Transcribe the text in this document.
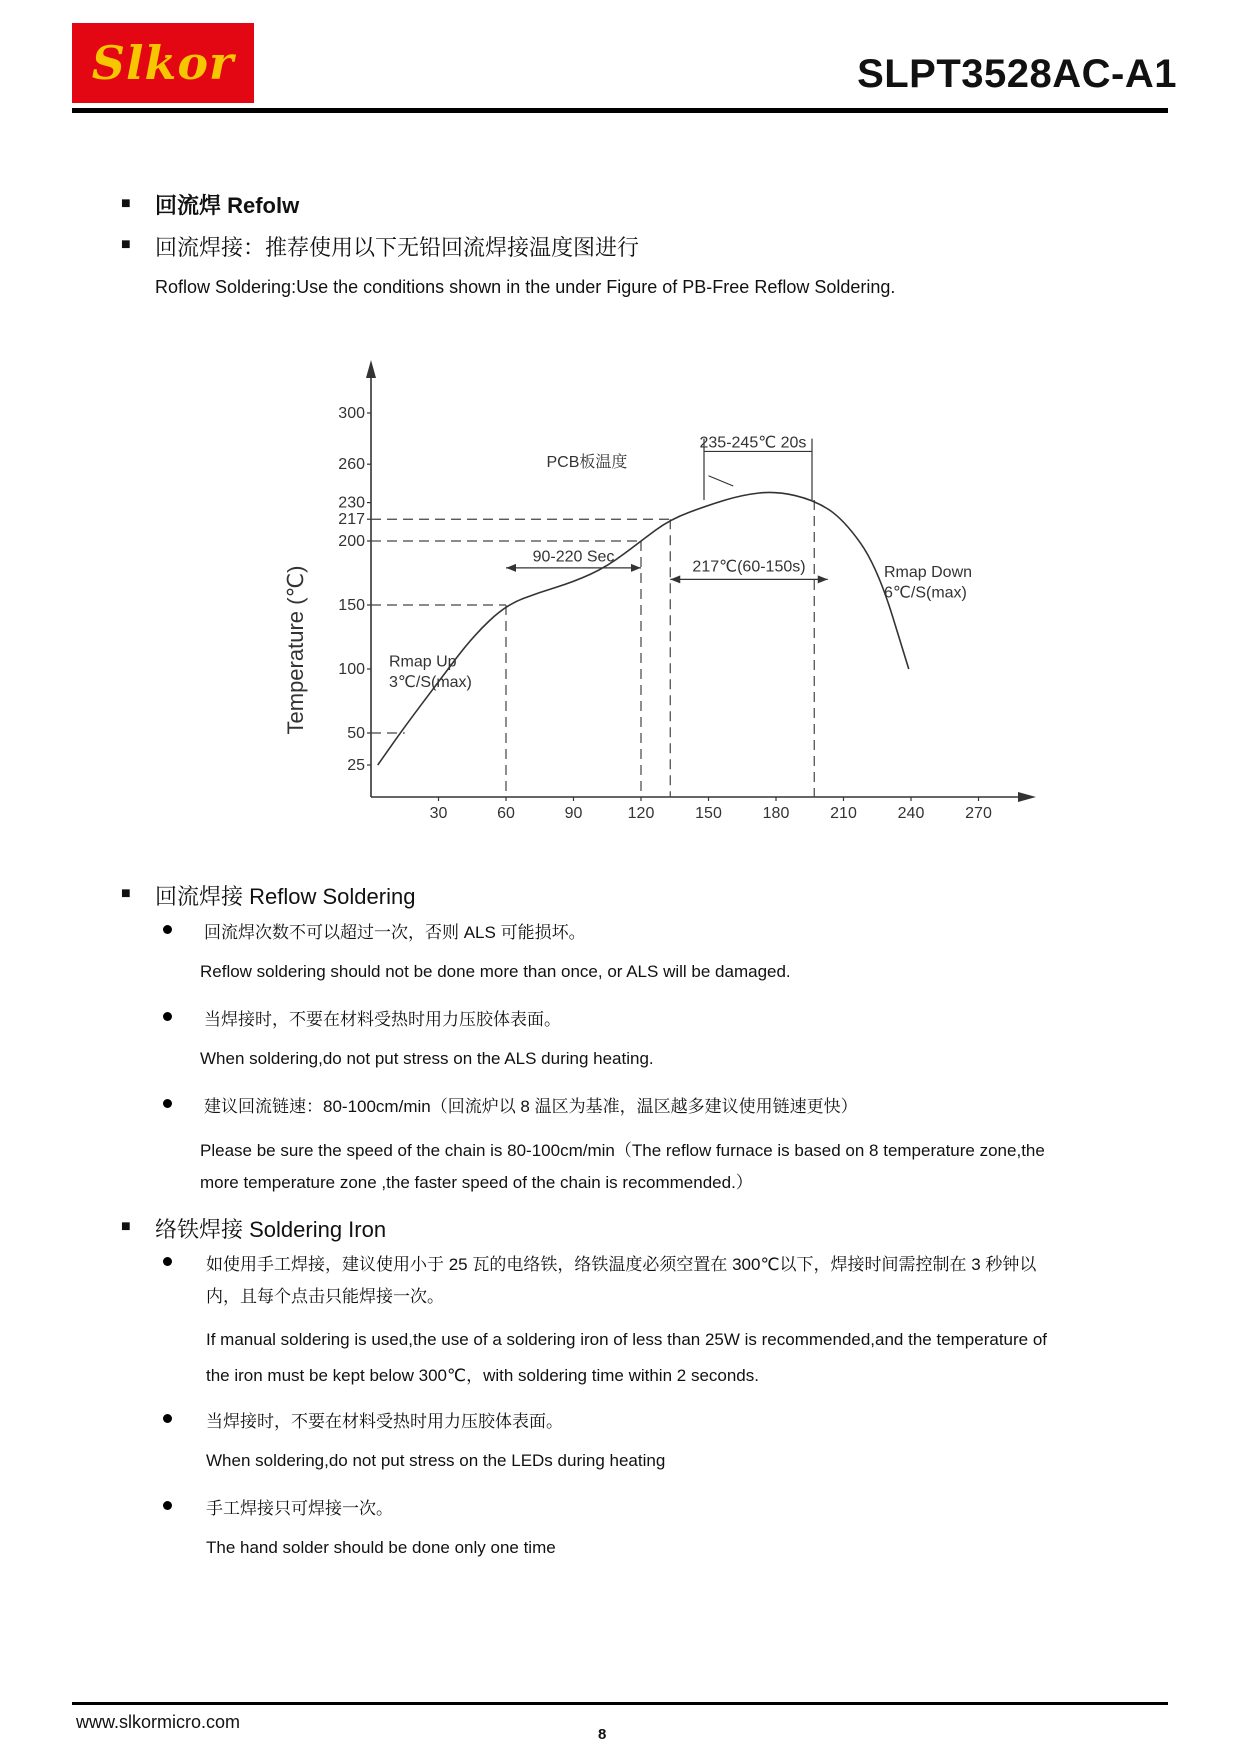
Slkor	SLPT3528AC-A1
■ 回流焊 Refolw
■ 回流焊接：推荐使用以下无铅回流焊接温度图进行
Roflow Soldering:Use the conditions shown in the under Figure of PB-Free Reflow Soldering.
300
260
230
217
200
150
100
50
25
30	60	90	120	150	180	210	240	270
Temperature (℃)
PCB板温度
235-245℃ 20s
90-220 Sec
217℃(60-150s)
Rmap Up
3℃/S(max)
Rmap Down
6℃/S(max)
■ 回流焊接 Reflow Soldering
回流焊次数不可以超过一次，否则 ALS 可能损坏。
Reflow soldering should not be done more than once, or ALS will be damaged.
当焊接时，不要在材料受热时用力压胶体表面。
When soldering,do not put stress on the ALS during heating.
建议回流链速：80-100cm/min（回流炉以 8 温区为基准，温区越多建议使用链速更快）
Please be sure the speed of the chain is 80-100cm/min（The reflow furnace is based on 8 temperature zone,the
more temperature zone ,the faster speed of the chain is recommended.）
■ 络铁焊接 Soldering Iron
如使用手工焊接，建议使用小于 25 瓦的电络铁，络铁温度必须空置在 300℃以下，焊接时间需控制在 3 秒钟以
内，且每个点击只能焊接一次。
If manual soldering is used,the use of a soldering iron of less than 25W is recommended,and the temperature of
the iron must be kept below 300℃，with soldering time within 2 seconds.
当焊接时，不要在材料受热时用力压胶体表面。
When soldering,do not put stress on the LEDs during heating
手工焊接只可焊接一次。
The hand solder should be done only one time
www.slkormicro.com
8
